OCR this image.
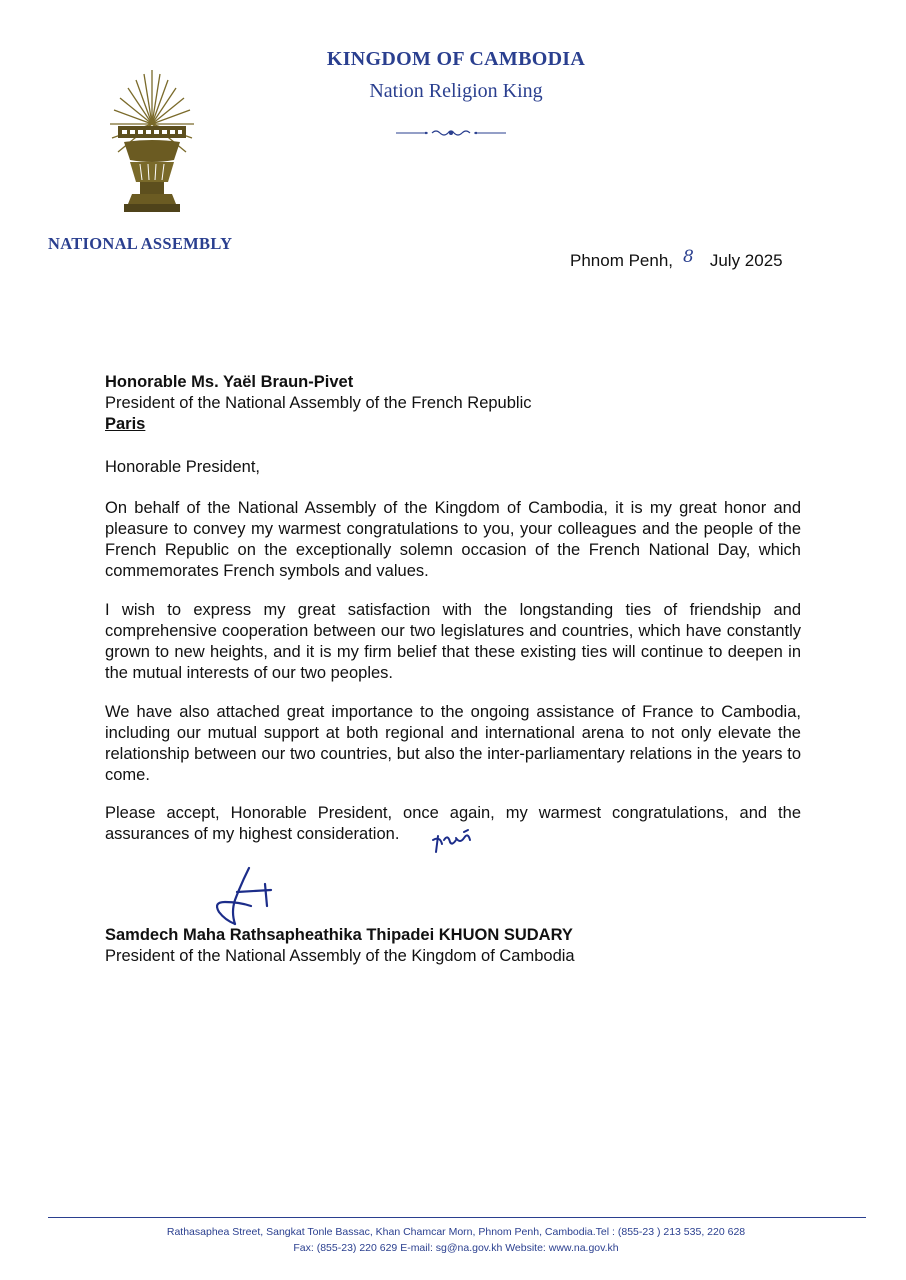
KINGDOM OF CAMBODIA
Nation Religion King
NATIONAL ASSEMBLY
Phnom Penh, 8 July 2025
Honorable Ms. Yaël Braun-Pivet
President of the National Assembly of the French Republic
Paris
Honorable President,
On behalf of the National Assembly of the Kingdom of Cambodia, it is my great honor and pleasure to convey my warmest congratulations to you, your colleagues and the people of the French Republic on the exceptionally solemn occasion of the French National Day, which commemorates French symbols and values.
I wish to express my great satisfaction with the longstanding ties of friendship and comprehensive cooperation between our two legislatures and countries, which have constantly grown to new heights, and it is my firm belief that these existing ties will continue to deepen in the mutual interests of our two peoples.
We have also attached great importance to the ongoing assistance of France to Cambodia, including our mutual support at both regional and international arena to not only elevate the relationship between our two countries, but also the inter-parliamentary relations in the years to come.
Please accept, Honorable President, once again, my warmest congratulations, and the assurances of my highest consideration.
Samdech Maha Rathsapheathika Thipadei KHUON SUDARY
President of the National Assembly of the Kingdom of Cambodia
Rathasaphea Street, Sangkat Tonle Bassac, Khan Chamcar Morn, Phnom Penh, Cambodia.Tel : (855-23 ) 213 535, 220 628
Fax: (855-23) 220 629 E-mail: sg@na.gov.kh Website: www.na.gov.kh
